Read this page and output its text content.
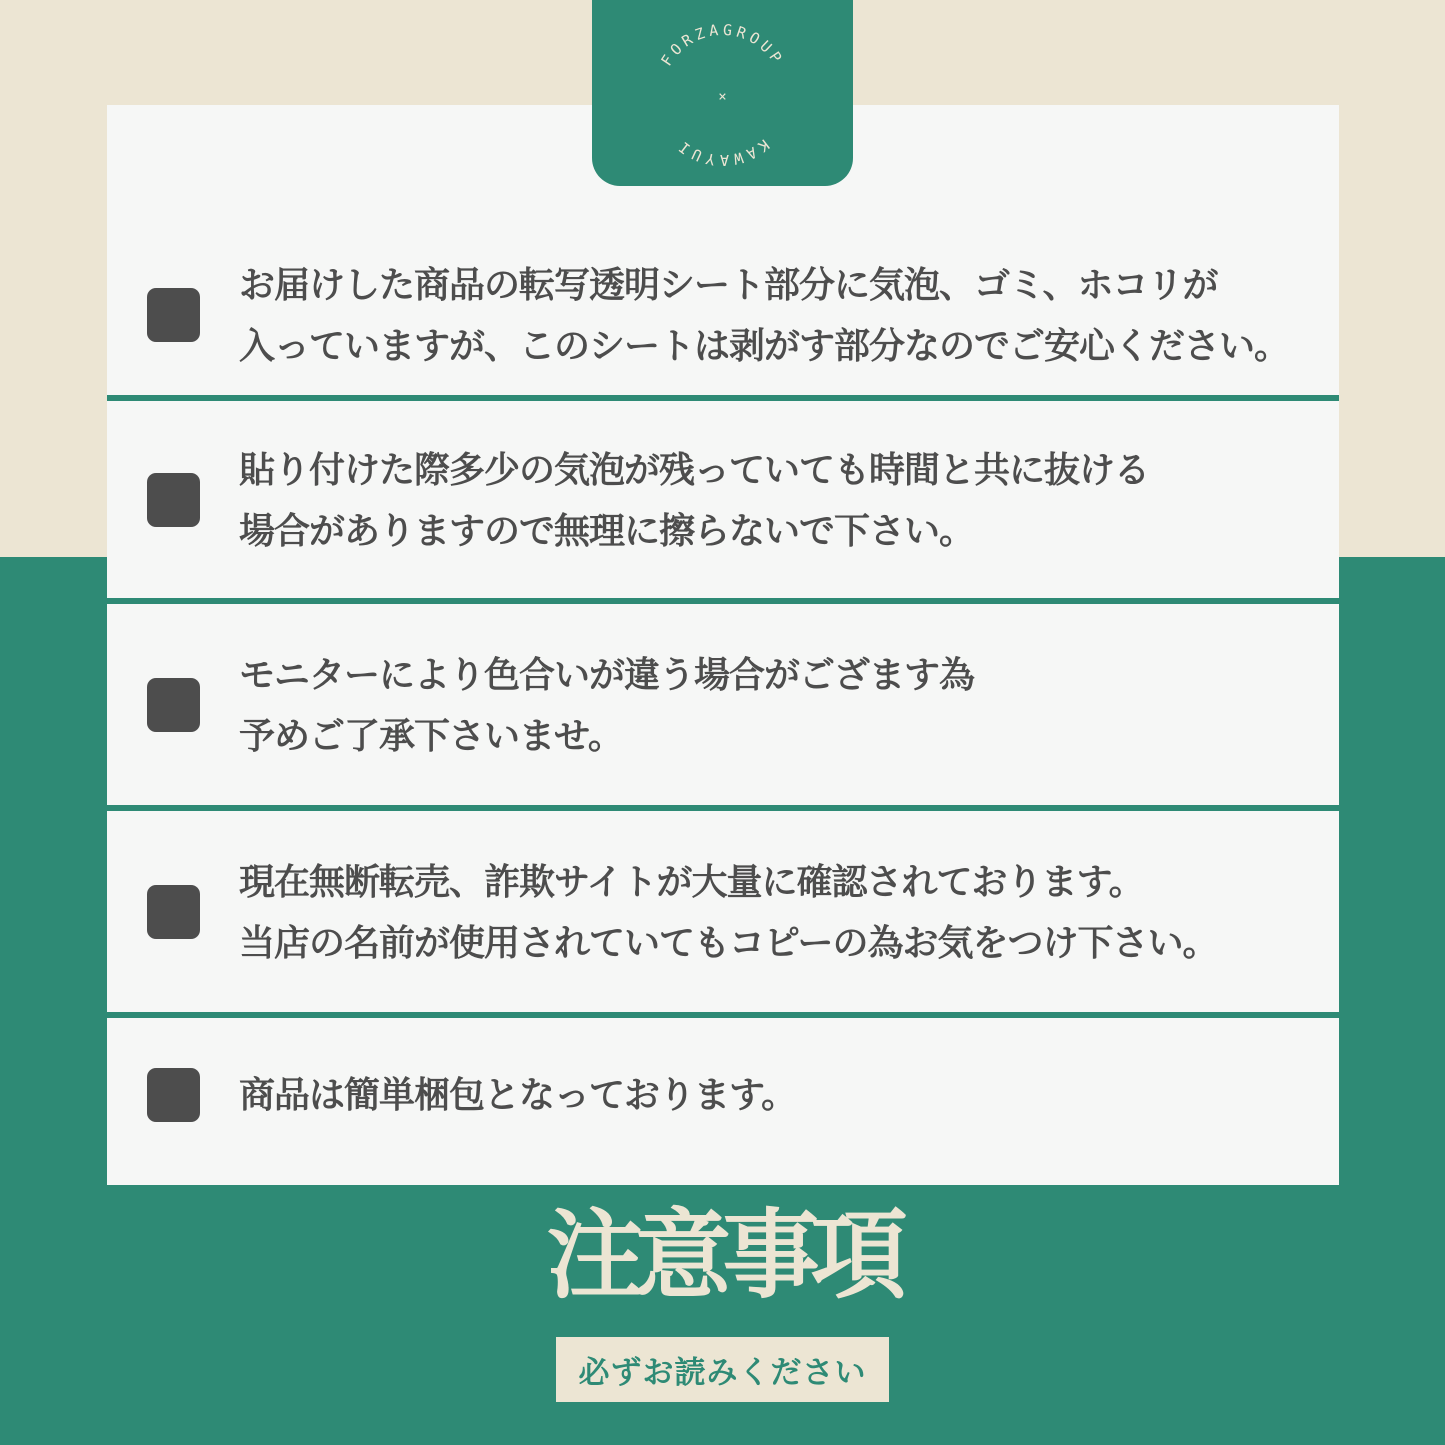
お届けした商品の転写透明シート部分に気泡、ゴミ、ホコリが
入っていますが、このシートは剥がす部分なのでご安心ください。
貼り付けた際多少の気泡が残っていても時間と共に抜ける
場合がありますので無理に擦らないで下さい。
モニターにより色合いが違う場合がござます為
予めご了承下さいませ。
現在無断転売、詐欺サイトが大量に確認されております。
当店の名前が使用されていてもコピーの為お気をつけ下さい。
商品は簡単梱包となっております。
FORZAGROUP KAWAYUI
×
注意事項
必ずお読みください
